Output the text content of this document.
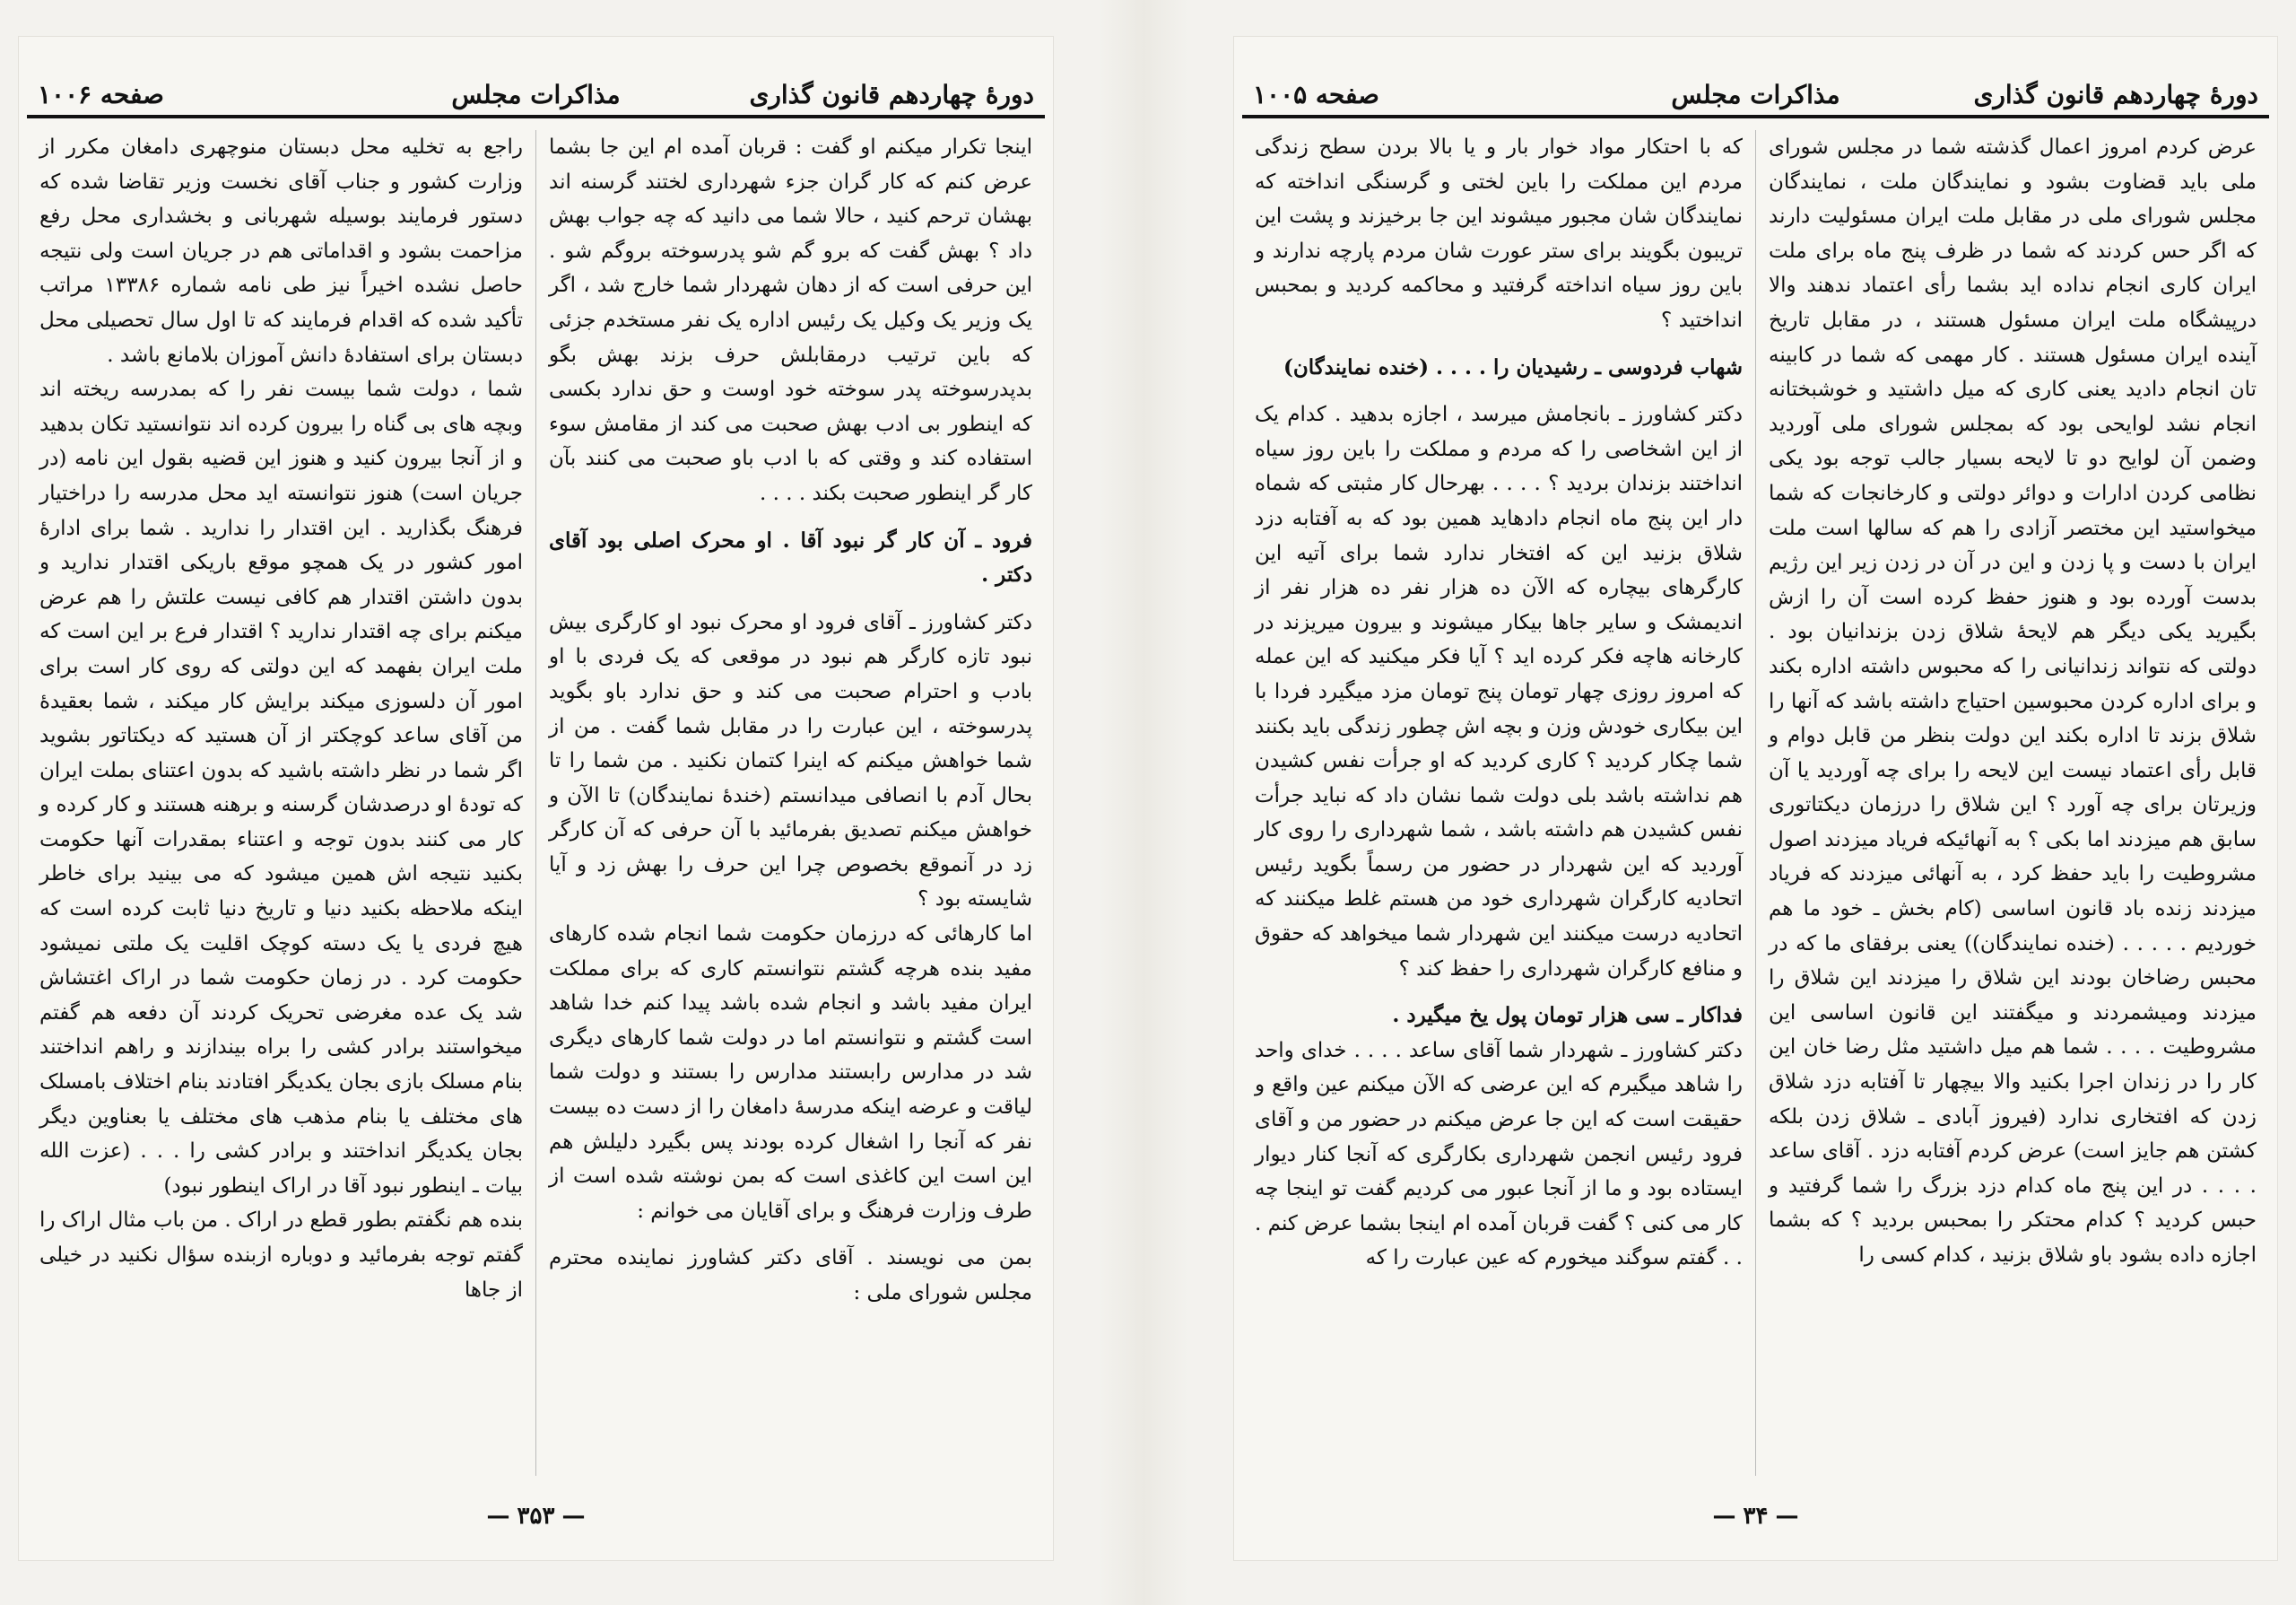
دورهٔ چهاردهم قانون گذاری
مذاکرات مجلس
صفحه ۱۰۰۶

اینجا تکرار میکنم او گفت : قربان آمده ام این جا بشما عرض کنم که کار گران جزء شهرداری لختند گرسنه اند بهشان ترحم کنید ، حالا شما می دانید که چه جواب بهش داد ؟ بهش گفت که برو گم شو پدرسوخته بروگم شو . این حرفی است که از دهان شهردار شما خارج شد ، اگر یک وزیر یک وکیل یک رئیس اداره یک نفر مستخدم جزئی که باین ترتیب درمقابلش حرف بزند بهش بگو بدپدرسوخته پدر سوخته خود اوست و حق ندارد بکسی که اینطور بی ادب بهش صحبت می کند از مقامش سوء استفاده کند و وقتی که با ادب باو صحبت می کنند بآن کار گر اینطور صحبت بکند . . . .

فرود ـ آن کار گر نبود آقا . او محرک اصلی بود آقای دکتر .

دکتر کشاورز ـ آقای فرود او محرک نبود او کارگری بیش نبود تازه کارگر هم نبود در موقعی که یک فردی با او بادب و احترام صحبت می کند و حق ندارد باو بگوید پدرسوخته ، این عبارت را در مقابل شما گفت . من از شما خواهش میکنم که اینرا کتمان نکنید . من شما را تا بحال آدم با انصافی میدانستم (خندهٔ نمایندگان) تا الآن و خواهش میکنم تصدیق بفرمائید با آن حرفی که آن کارگر زد در آنموقع بخصوص چرا این حرف را بهش زد و آیا شایسته بود ؟

اما کارهائی که درزمان حکومت شما انجام شده کارهای مفید بنده هرچه گشتم نتوانستم کاری که برای مملکت ایران مفید باشد و انجام شده باشد پیدا کنم خدا شاهد است گشتم و نتوانستم اما در دولت شما کارهای دیگری شد در مدارس رابستند مدارس را بستند و دولت شما لیاقت و عرضه اینکه مدرسهٔ دامغان را از دست ده بیست نفر که آنجا را اشغال کرده بودند پس بگیرد دلیلش هم این است این کاغذی است که بمن نوشته شده است از طرف وزارت فرهنگ و برای آقایان می خوانم :

بمن می نویسند . آقای دکتر کشاورز نماینده محترم مجلس شورای ملی :

راجع به تخلیه محل دبستان منوچهری دامغان مکرر از وزارت کشور و جناب آقای نخست وزیر تقاضا شده که دستور فرمایند بوسیله شهربانی و بخشداری محل رفع مزاحمت بشود و اقداماتی هم در جریان است ولی نتیجه حاصل نشده اخیراً نیز طی نامه شماره ۱۳۳۸۶ مراتب تأکید شده که اقدام فرمایند که تا اول سال تحصیلی محل دبستان برای استفادهٔ دانش آموزان بلامانع باشد .

شما ، دولت شما بیست نفر را که بمدرسه ریخته اند وبچه های بی گناه را بیرون کرده اند نتوانستید تکان بدهید و از آنجا بیرون کنید و هنوز این قضیه بقول این نامه (در جریان است) هنوز نتوانسته اید محل مدرسه را دراختیار فرهنگ بگذارید . این اقتدار را ندارید . شما برای ادارهٔ امور کشور در یک همچو موقع باریکی اقتدار ندارید و بدون داشتن اقتدار هم کافی نیست علتش را هم عرض میکنم برای چه اقتدار ندارید ؟ اقتدار فرع بر این است که ملت ایران بفهمد که این دولتی که روی کار است برای امور آن دلسوزی میکند برایش کار میکند ، شما بعقیدهٔ من آقای ساعد کوچکتر از آن هستید که دیکتاتور بشوید اگر شما در نظر داشته باشید که بدون اعتنای بملت ایران که تودهٔ او درصدشان گرسنه و برهنه هستند و کار کرده و کار می کنند بدون توجه و اعتناء بمقدرات آنها حکومت بکنید نتیجه اش همین میشود که می بینید برای خاطر اینکه ملاحظه بکنید دنیا و تاریخ دنیا ثابت کرده است که هیچ فردی یا یک دسته کوچک اقلیت یک ملتی نمیشود حکومت کرد . در زمان حکومت شما در اراک اغتشاش شد یک عده مغرضی تحریک کردند آن دفعه هم گفتم میخواستند برادر کشی را براه بیندازند و راهم انداختند بنام مسلک بازی بجان یکدیگر افتادند بنام اختلاف بامسلک های مختلف یا بنام مذهب های مختلف یا بعناوین دیگر بجان یکدیگر انداختند و برادر کشی را . . . (عزت الله بیات ـ اینطور نبود آقا در اراک اینطور نبود)

بنده هم نگفتم بطور قطع در اراک . من باب مثال اراک را گفتم توجه بفرمائید و دوباره ازبنده سؤال نکنید در خیلی از جاها

— ۳۵۳ —
دورهٔ چهاردهم قانون گذاری
مذاکرات مجلس
صفحه ۱۰۰۵

عرض کردم امروز اعمال گذشته شما در مجلس شورای ملی باید قضاوت بشود و نمایندگان ملت ، نمایندگان مجلس شورای ملی در مقابل ملت ایران مسئولیت دارند که اگر حس کردند که شما در ظرف پنج ماه برای ملت ایران کاری انجام نداده اید بشما رأی اعتماد ندهند والا درپیشگاه ملت ایران مسئول هستند ، در مقابل تاریخ آینده ایران مسئول هستند . کار مهمی که شما در کابینه تان انجام دادید یعنی کاری که میل داشتید و خوشبختانه انجام نشد لوایحی بود که بمجلس شورای ملی آوردید وضمن آن لوایح دو تا لایحه بسیار جالب توجه بود یکی نظامی کردن ادارات و دوائر دولتی و کارخانجات که شما میخواستید این مختصر آزادی را هم که سالها است ملت ایران با دست و پا زدن و این در آن در زدن زیر این رژیم بدست آورده بود و هنوز حفظ کرده است آن را ازش بگیرید یکی دیگر هم لایحهٔ شلاق زدن بزندانیان بود . دولتی که نتواند زندانیانی را که محبوس داشته اداره بکند و برای اداره کردن محبوسین احتیاج داشته باشد که آنها را شلاق بزند تا اداره بکند این دولت بنظر من قابل دوام و قابل رأی اعتماد نیست این لایحه را برای چه آوردید یا آن وزیرتان برای چه آورد ؟ این شلاق را درزمان دیکتاتوری سابق هم میزدند اما بکی ؟ به آنهائیکه فریاد میزدند اصول مشروطیت را باید حفظ کرد ، به آنهائی میزدند که فریاد میزدند زنده باد قانون اساسی (کام بخش ـ خود ما هم خوردیم . . . . . (خنده نمایندگان)) یعنی برفقای ما که در محبس رضاخان بودند این شلاق را میزدند این شلاق را میزدند ومیشمردند و میگفتند این قانون اساسی این مشروطیت . . . . شما هم میل داشتید مثل رضا خان این کار را در زندان اجرا بکنید والا بیچهار تا آفتابه دزد شلاق زدن که افتخاری ندارد (فیروز آبادی ـ شلاق زدن بلکه کشتن هم جایز است) عرض کردم آفتابه دزد . آقای ساعد . . . . در این پنج ماه کدام دزد بزرگ را شما گرفتید و حبس کردید ؟ کدام محتکر را بمحبس بردید ؟ که بشما اجازه داده بشود باو شلاق بزنید ، کدام کسی را

که با احتکار مواد خوار بار و یا بالا بردن سطح زندگی مردم این مملکت را باین لختی و گرسنگی انداخته که نمایندگان شان مجبور میشوند این جا برخیزند و پشت این تریبون بگویند برای ستر عورت شان مردم پارچه ندارند و باین روز سیاه انداخته گرفتید و محاکمه کردید و بمحبس انداختید ؟

شهاب فردوسی ـ رشیدیان را . . . . (خنده نمایندگان)

دکتر کشاورز ـ بانجامش میرسد ، اجازه بدهید . کدام یک از این اشخاصی را که مردم و مملکت را باین روز سیاه انداختند بزندان بردید ؟ . . . . بهرحال کار مثبتی که شماه دار این پنج ماه انجام دادهاید همین بود که به آفتابه دزد شلاق بزنید این که افتخار ندارد شما برای آتیه این کارگرهای بیچاره که الآن ده هزار نفر ده هزار نفر از اندیمشک و سایر جاها بیکار میشوند و بیرون میریزند در کارخانه هاچه فکر کرده اید ؟ آیا فکر میکنید که این عمله که امروز روزی چهار تومان پنج تومان مزد میگیرد فردا با این بیکاری خودش وزن و بچه اش چطور زندگی باید بکنند شما چکار کردید ؟ کاری کردید که او جرأت نفس کشیدن هم نداشته باشد بلی دولت شما نشان داد که نباید جرأت نفس کشیدن هم داشته باشد ، شما شهرداری را روی کار آوردید که این شهردار در حضور من رسماً بگوید رئیس اتحادیه کارگران شهرداری خود من هستم غلط میکنند که اتحادیه درست میکنند این شهردار شما میخواهد که حقوق و منافع کارگران شهرداری را حفظ کند ؟

فداکار ـ سی هزار تومان پول یخ میگیرد .

دکتر کشاورز ـ شهردار شما آقای ساعد . . . . خدای واحد را شاهد میگیرم که این عرضی که الآن میکنم عین واقع و حقیقت است که این جا عرض میکنم در حضور من و آقای فرود رئیس انجمن شهرداری بکارگری که آنجا کنار دیوار ایستاده بود و ما از آنجا عبور می کردیم گفت تو اینجا چه کار می کنی ؟ گفت قربان آمده ام اینجا بشما عرض کنم . . . گفتم سوگند میخورم که عین عبارت را که

— ۳۴ —
